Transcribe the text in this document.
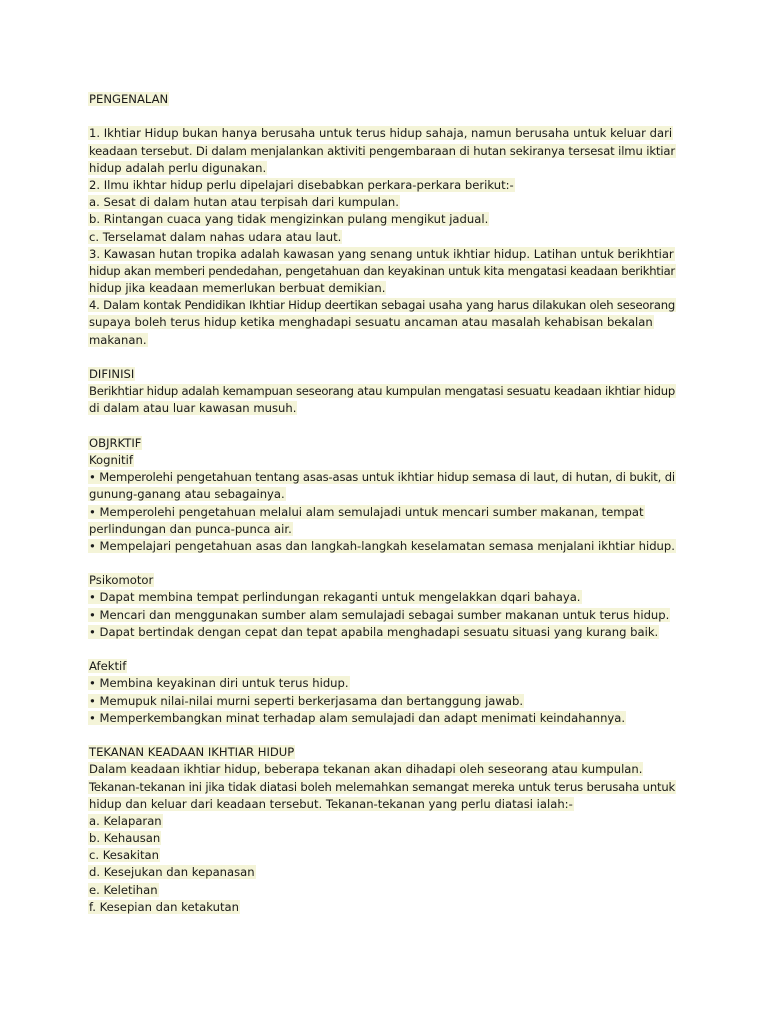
PENGENALAN
1. Ikhtiar Hidup bukan hanya berusaha untuk terus hidup sahaja, namun berusaha untuk keluar dari
keadaan tersebut. Di dalam menjalankan aktiviti pengembaraan di hutan sekiranya tersesat ilmu iktiar
hidup adalah perlu digunakan.
2. Ilmu ikhtar hidup perlu dipelajari disebabkan perkara-perkara berikut:-
a. Sesat di dalam hutan atau terpisah dari kumpulan.
b. Rintangan cuaca yang tidak mengizinkan pulang mengikut jadual.
c. Terselamat dalam nahas udara atau laut.
3. Kawasan hutan tropika adalah kawasan yang senang untuk ikhtiar hidup. Latihan untuk berikhtiar
hidup akan memberi pendedahan, pengetahuan dan keyakinan untuk kita mengatasi keadaan berikhtiar
hidup jika keadaan memerlukan berbuat demikian.
4. Dalam kontak Pendidikan Ikhtiar Hidup deertikan sebagai usaha yang harus dilakukan oleh seseorang
supaya boleh terus hidup ketika menghadapi sesuatu ancaman atau masalah kehabisan bekalan
makanan.
DIFINISI
Berikhtiar hidup adalah kemampuan seseorang atau kumpulan mengatasi sesuatu keadaan ikhtiar hidup
di dalam atau luar kawasan musuh.
OBJRKTIF
Kognitif
• Memperolehi pengetahuan tentang asas-asas untuk ikhtiar hidup semasa di laut, di hutan, di bukit, di
gunung-ganang atau sebagainya.
• Memperolehi pengetahuan melalui alam semulajadi untuk mencari sumber makanan, tempat
perlindungan dan punca-punca air.
• Mempelajari pengetahuan asas dan langkah-langkah keselamatan semasa menjalani ikhtiar hidup.
Psikomotor
• Dapat membina tempat perlindungan rekaganti untuk mengelakkan dqari bahaya.
• Mencari dan menggunakan sumber alam semulajadi sebagai sumber makanan untuk terus hidup.
• Dapat bertindak dengan cepat dan tepat apabila menghadapi sesuatu situasi yang kurang baik.
Afektif
• Membina keyakinan diri untuk terus hidup.
• Memupuk nilai-nilai murni seperti berkerjasama dan bertanggung jawab.
• Memperkembangkan minat terhadap alam semulajadi dan adapt menimati keindahannya.
TEKANAN KEADAAN IKHTIAR HIDUP
Dalam keadaan ikhtiar hidup, beberapa tekanan akan dihadapi oleh seseorang atau kumpulan.
Tekanan-tekanan ini jika tidak diatasi boleh melemahkan semangat mereka untuk terus berusaha untuk
hidup dan keluar dari keadaan tersebut. Tekanan-tekanan yang perlu diatasi ialah:-
a. Kelaparan
b. Kehausan
c. Kesakitan
d. Kesejukan dan kepanasan
e. Keletihan
f. Kesepian dan ketakutan
